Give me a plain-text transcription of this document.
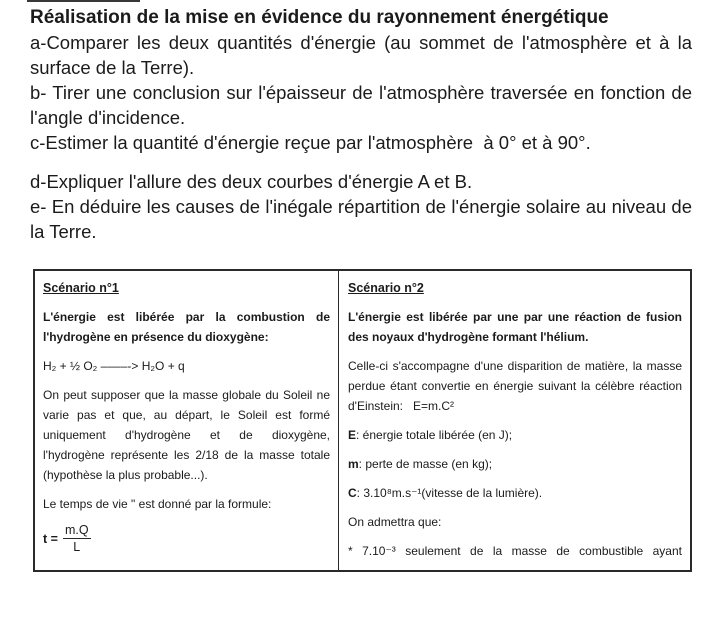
Réalisation de la mise en évidence du rayonnement énergétique

a-Comparer les deux quantités d'énergie (au sommet de l'atmosphère et à la surface de la Terre).

b- Tirer une conclusion sur l'épaisseur de l'atmosphère traversée en fonction de l'angle d'incidence.

c-Estimer la quantité d'énergie reçue par l'atmosphère  à 0° et à 90°.

d-Expliquer l'allure des deux courbes d'énergie A et B.

e- En déduire les causes de l'inégale répartition de l'énergie solaire au niveau de la Terre.

Scénario n°1

L'énergie est libérée par la combustion de l'hydrogène en présence du dioxygène:

H₂ + ½ O₂ ––––-> H₂O + q

On peut supposer que la masse globale du Soleil ne varie pas et que, au départ, le Soleil est formé uniquement d'hydrogène et de dioxygène, l'hydrogène représente les 2/18 de la masse totale (hypothèse la plus probable...).

Le temps de vie " est donné par la formule:

$t = \frac{m.Q}{L}$

Scénario n°2

L'énergie est libérée par une par une réaction de fusion des noyaux d'hydrogène formant l'hélium.

Celle-ci s'accompagne d'une disparition de matière, la masse perdue étant convertie en énergie suivant la célèbre réaction d'Einstein:   E=m.C²

E: énergie totale libérée (en J);

m: perte de masse (en kg);

C: 3.10⁸m.s⁻¹(vitesse de la lumière).

On admettra que:

* 7.10⁻³ seulement de la masse de combustible ayant
